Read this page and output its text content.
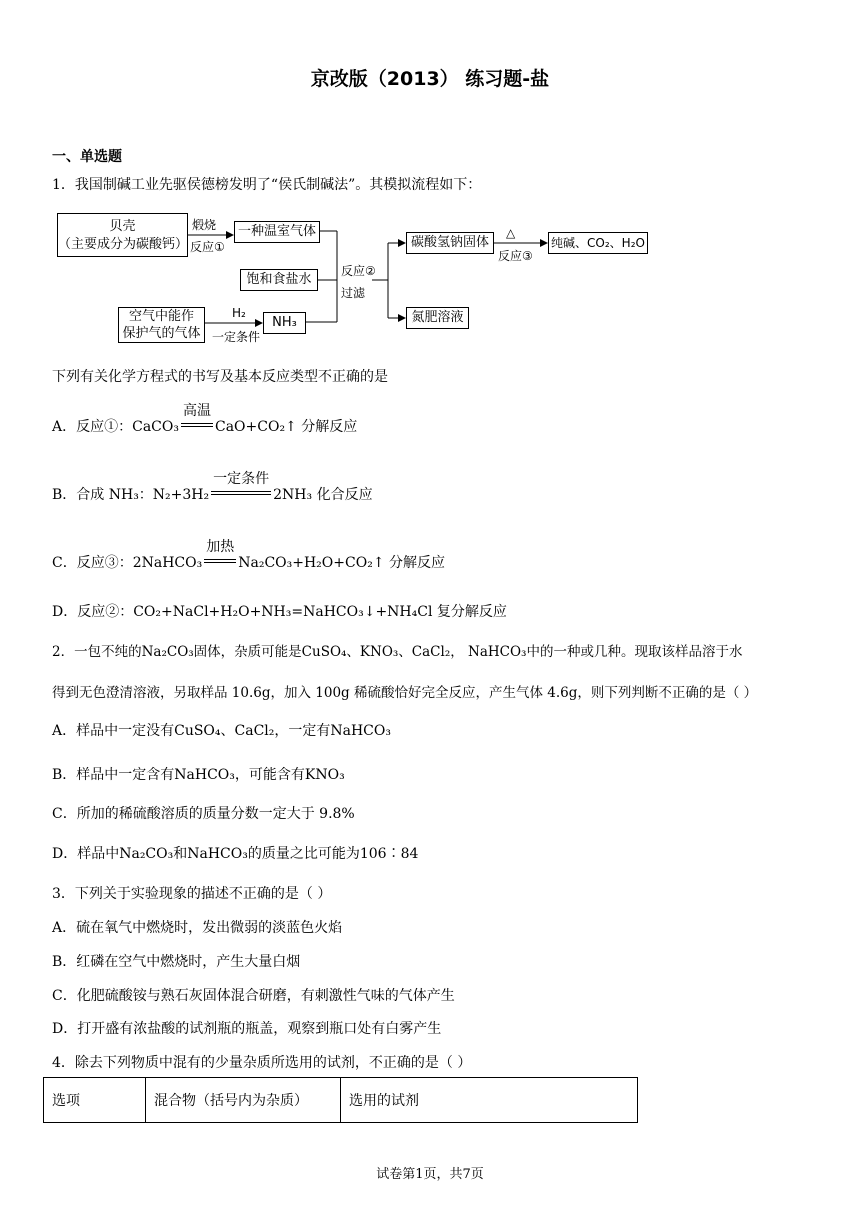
京改版（2013） 练习题-盐
一、单选题
1．我国制碱工业先驱侯德榜发明了“侯氏制碱法”。其模拟流程如下：
贝壳
（主要成分为碳酸钙）
煅烧
反应①
一种温室气体
饱和食盐水
空气中能作
保护气的气体
H₂
一定条件
NH₃
反应②
过滤
碳酸氢钠固体
△
反应③
纯碱、CO₂、H₂O
氮肥溶液
下列有关化学方程式的书写及基本反应类型不正确的是
A．反应①：CaCO₃
高温
CaO+CO₂↑ 分解反应
B．合成 NH₃：N₂+3H₂
一定条件
2NH₃ 化合反应
C．反应③：2NaHCO₃
加热
Na₂CO₃+H₂O+CO₂↑ 分解反应
D．反应②：CO₂+NaCl+H₂O+NH₃=NaHCO₃↓+NH₄Cl 复分解反应
2．一包不纯的Na₂CO₃固体，杂质可能是CuSO₄、KNO₃、CaCl₂， NaHCO₃中的一种或几种。现取该样品溶于水
得到无色澄清溶液，另取样品 10.6g，加入 100g 稀硫酸恰好完全反应，产生气体 4.6g，则下列判断不正确的是（ ）
A．样品中一定没有CuSO₄、CaCl₂，一定有NaHCO₃
B．样品中一定含有NaHCO₃，可能含有KNO₃
C．所加的稀硫酸溶质的质量分数一定大于 9.8%
D．样品中Na₂CO₃和NaHCO₃的质量之比可能为106∶84
3．下列关于实验现象的描述不正确的是（ ）
A．硫在氧气中燃烧时，发出微弱的淡蓝色火焰
B．红磷在空气中燃烧时，产生大量白烟
C．化肥硫酸铵与熟石灰固体混合研磨，有刺激性气味的气体产生
D．打开盛有浓盐酸的试剂瓶的瓶盖，观察到瓶口处有白雾产生
4．除去下列物质中混有的少量杂质所选用的试剂，不正确的是（ ）
选项	混合物（括号内为杂质）	选用的试剂
试卷第1页，共7页
